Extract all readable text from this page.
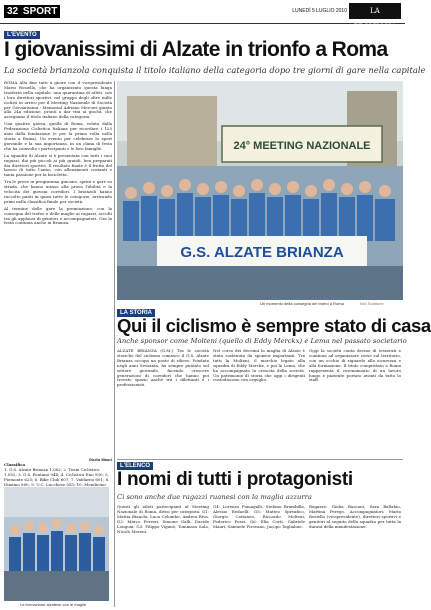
32 SPORT	LUNEDÌ 5 LUGLIO 2010	LA PROVINCIA
L'EVENTO
I giovanissimi di Alzate in trionfo a Roma
La società brianzola conquista il titolo italiano della categoria dopo tre giorni di gare nella capitale

ROMA Alla fine tutti a gioire con il vicepresidente Mario Rosiello, che ha organizzato questa lunga trasferta nella capitale, una quarantina di atleti, con i loro direttori sportivi, nel gruppo degli oltre mille ciclisti in arrivo per il Meeting Nazionale di Società per Giovanissimi - Memorial Adriano Mercuri giunto alla 24a edizione, pronti a dar vita ai giochi, che assegnano il titolo italiano della categoria.

Una quattro giorni, quella di Roma, voluta dalla Federazione Ciclistica Italiana per ricordare i 125 anni dalla fondazione (e per la prima volta nella storia a Roma). Un evento per celebrare lo sport giovanile e la sua importanza, in un clima di festa che ha coinvolto i partecipanti e le loro famiglie.

La squadra di Alzate si è presentata con tutti i suoi ragazzi, dai più piccoli ai più grandi, ben preparati dai direttori sportivi. Il risultato finale è il frutto del lavoro di tutto l'anno, con allenamenti costanti e tanta passione per la bicicletta.

Tra le prove in programma gincane, sprint e gare su strada, che hanno messo alla prova l'abilità e la velocità dei giovani corridori. I brianzoli hanno raccolto punti in quasi tutte le categorie, arrivando primi nella classifica finale per società.

Al termine delle gare la premiazione, con la consegna del trofeo e delle maglie ai ragazzi, accolti tra gli applausi di genitori e accompagnatori. Ora la festa continua anche in Brianza.

Giulio Mauri
Classifica
1. G.S. Alzate Brianza 1.082; 2. Team Ciclistico 1.052; 3. G.S. Pontano 944; 4. Ciclistica Eno 930; 5. Piemonte 625; 6. Bike Club 607; 7. Valdarno 601; 8. Dinamo 560; 9. U.C. Lucchese 555; 10. Mendicino
24° MEETING NAZIONALE
G.S. ALZATE BRIANZA
Un momento della consegna del trofeo a Roma	foto Scattone
LA STORIA
Qui il ciclismo è sempre stato di casa
Anche sponsor come Molteni (quello di Eddy Merckx) e Lema nel passato societario
ALZATE BRIANZA (G.M.) Tra le società storiche del ciclismo comasco il G.S. Alzate Brianza occupa un posto di rilievo. Fondata negli anni Sessanta, ha sempre puntato sul settore giovanile, facendo crescere generazioni di corridori che hanno poi trovato spazio anche tra i dilettanti e i professionisti.
Nel corso dei decenni la maglia di Alzate è stata sostenuta da sponsor importanti. Tra tutti la Molteni, il marchio legato alla squadra di Eddy Merckx, e poi la Lema, che ha accompagnato la crescita della società. Un patrimonio di storia che oggi i dirigenti custodiscono con orgoglio.
Oggi la società conta decine di tesserati e continua ad organizzare corse sul territorio, con un occhio di riguardo alla sicurezza e alla formazione. Il titolo conquistato a Roma rappresenta il coronamento di un lavoro lungo e paziente portato avanti da tutto lo staff.
La formazione alzatese con le maglie
L'ELENCO
I nomi di tutti i protagonisti
Ci sono anche due ragazzi ruanesi con la maglia azzurra
Questi gli atleti partecipanti al Meeting Nazionale di Roma, divisi per categoria. G1: Mattia Bianchi, Luca Colombo, Andrea Riva. G2: Marco Ferrari, Simone Galli, Davide Longoni. G3: Filippo Viganò, Tommaso Sala, Nicolò Meroni.
G4: Lorenzo Fumagalli, Stefano Brambilla, Alessio Redaelli. G5: Matteo Spreafico, Giorgio Cattaneo, Riccardo Molteni, Federico Pozzi. G6: Elia Corti, Gabriele Mauri, Samuele Pirovano, Jacopo Tagliabue.
Ragazze: Giulia Rusconi, Sara Ballabio, Martina Perego. Accompagnatori: Mario Rosiello (vicepresidente), direttori sportivi e genitori al seguito della squadra per tutta la durata della manifestazione.
